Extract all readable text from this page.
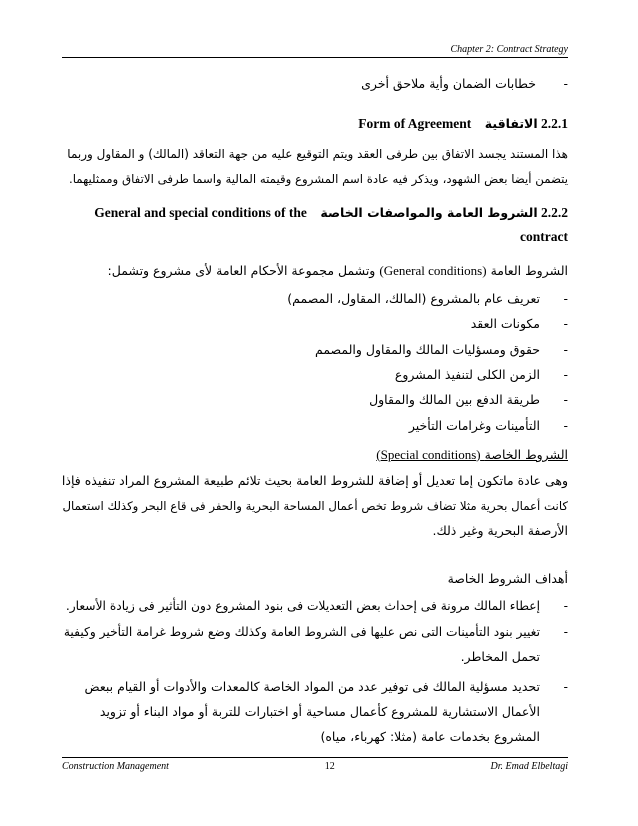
Chapter 2: Contract Strategy
- خطابات الضمان وأية ملاحق أخرى
2.2.1 الاتفاقية    Form of Agreement
هذا المستند يجسد الاتفاق بين طرفى العقد ويتم التوقيع عليه من جهة التعاقد (المالك) و المقاول وربما
يتضمن أيضا بعض الشهود، ويذكر فيه عادة اسم المشروع وقيمته المالية واسما طرفى الاتفاق وممثليهما.
2.2.2 الشروط العامة والمواصفات الخاصة    General and special conditions of the
contract
الشروط العامة (General conditions) وتشمل مجموعة الأحكام العامة لأى مشروع وتشمل:
- تعريف عام بالمشروع (المالك، المقاول، المصمم)
- مكونات العقد
- حقوق ومسؤليات المالك والمقاول والمصمم
- الزمن الكلى لتنفيذ المشروع
- طريقة الدفع بين المالك والمقاول
- التأمينات وغرامات التأخير
الشروط الخاصة (Special conditions)
وهى عادة ماتكون إما تعديل أو إضافة للشروط العامة بحيث تلائم طبيعة المشروع المراد تنفيذه فإذا
كانت أعمال بحرية مثلا تضاف شروط تخص أعمال المساحة البحرية والحفر فى قاع البحر وكذلك استعمال
الأرصفة البحرية وغير ذلك.
أهداف الشروط الخاصة
- إعطاء المالك مرونة فى إحداث بعض التعديلات فى بنود المشروع دون التأثير فى زيادة الأسعار.
- تغيير بنود التأمينات التى نص عليها فى الشروط العامة وكذلك وضع شروط غرامة التأخير وكيفية
تحمل المخاطر.
- تحديد مسؤلية المالك فى توفير عدد من المواد الخاصة كالمعدات والأدوات أو القيام ببعض
الأعمال الاستشارية للمشروع كأعمال مساحية أو اختبارات للتربة أو مواد البناء أو تزويد
المشروع بخدمات عامة (مثلا: كهرباء، مياه)
Construction Management	12	Dr. Emad Elbeltagi
